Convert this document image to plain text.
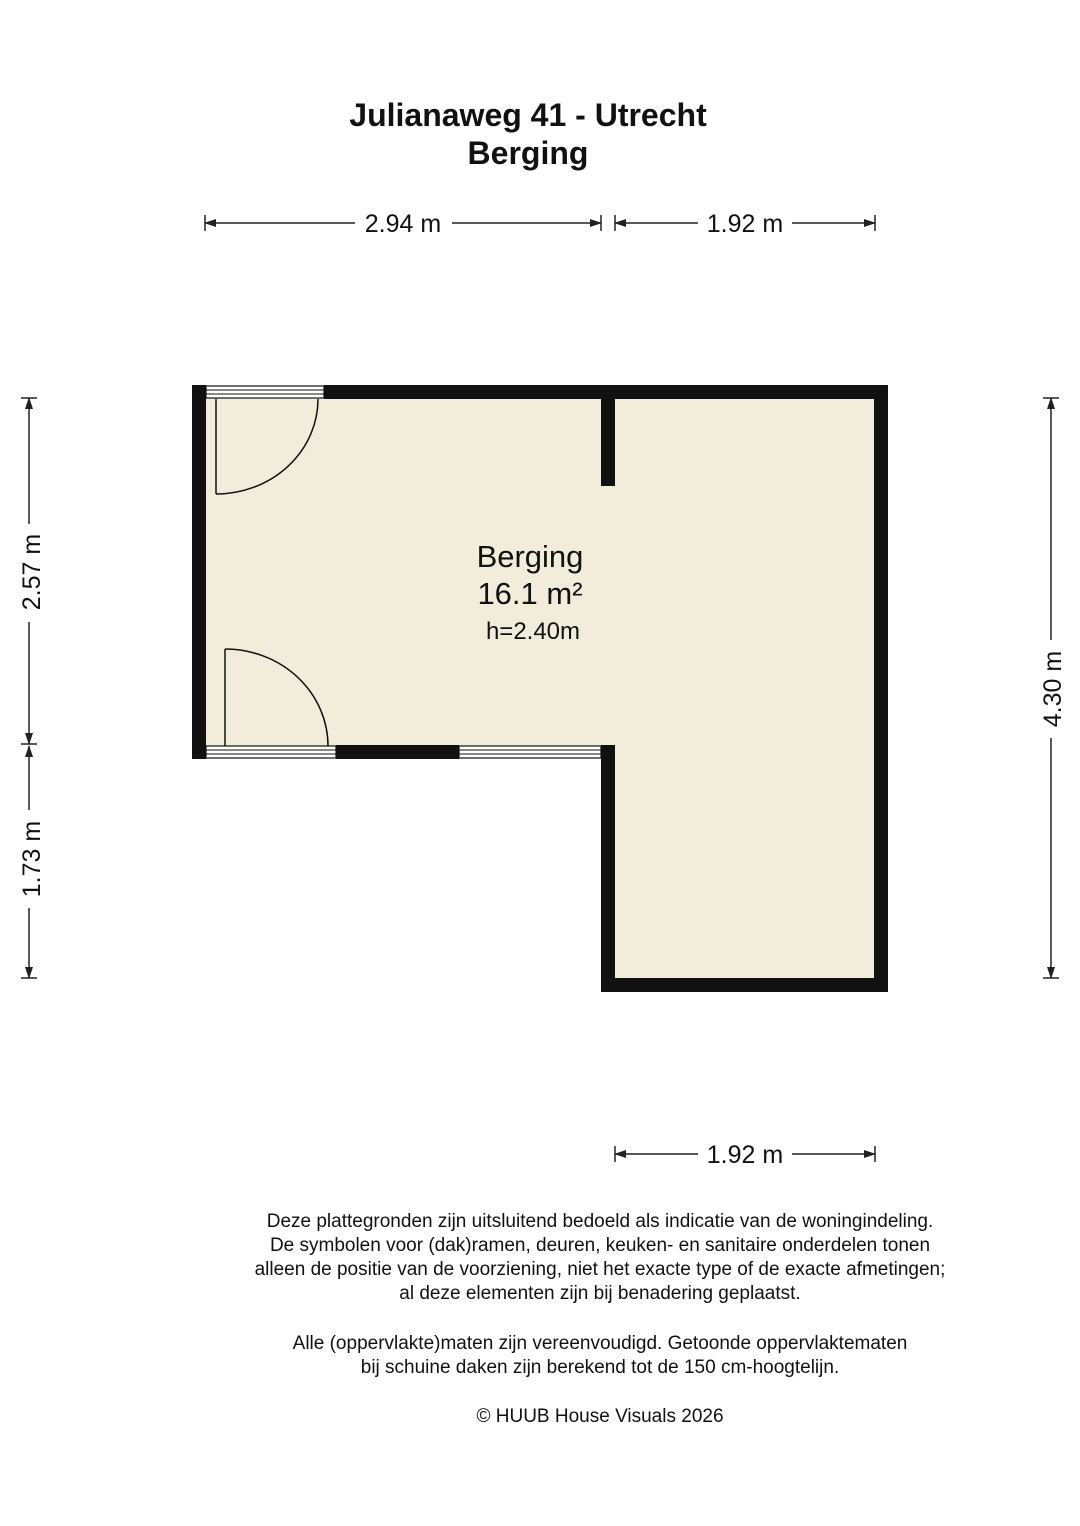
Julianaweg 41 - Utrecht
Berging
Berging
16.1 m²
h=2.40m
2.94 m	1.92 m
1.92 m
2.57 m
1.73 m
4.30 m
Deze plattegronden zijn uitsluitend bedoeld als indicatie van de woningindeling.
De symbolen voor (dak)ramen, deuren, keuken- en sanitaire onderdelen tonen
alleen de positie van de voorziening, niet het exacte type of de exacte afmetingen;
al deze elementen zijn bij benadering geplaatst.
Alle (oppervlakte)maten zijn vereenvoudigd. Getoonde oppervlaktematen
bij schuine daken zijn berekend tot de 150 cm-hoogtelijn.
© HUUB House Visuals 2026
